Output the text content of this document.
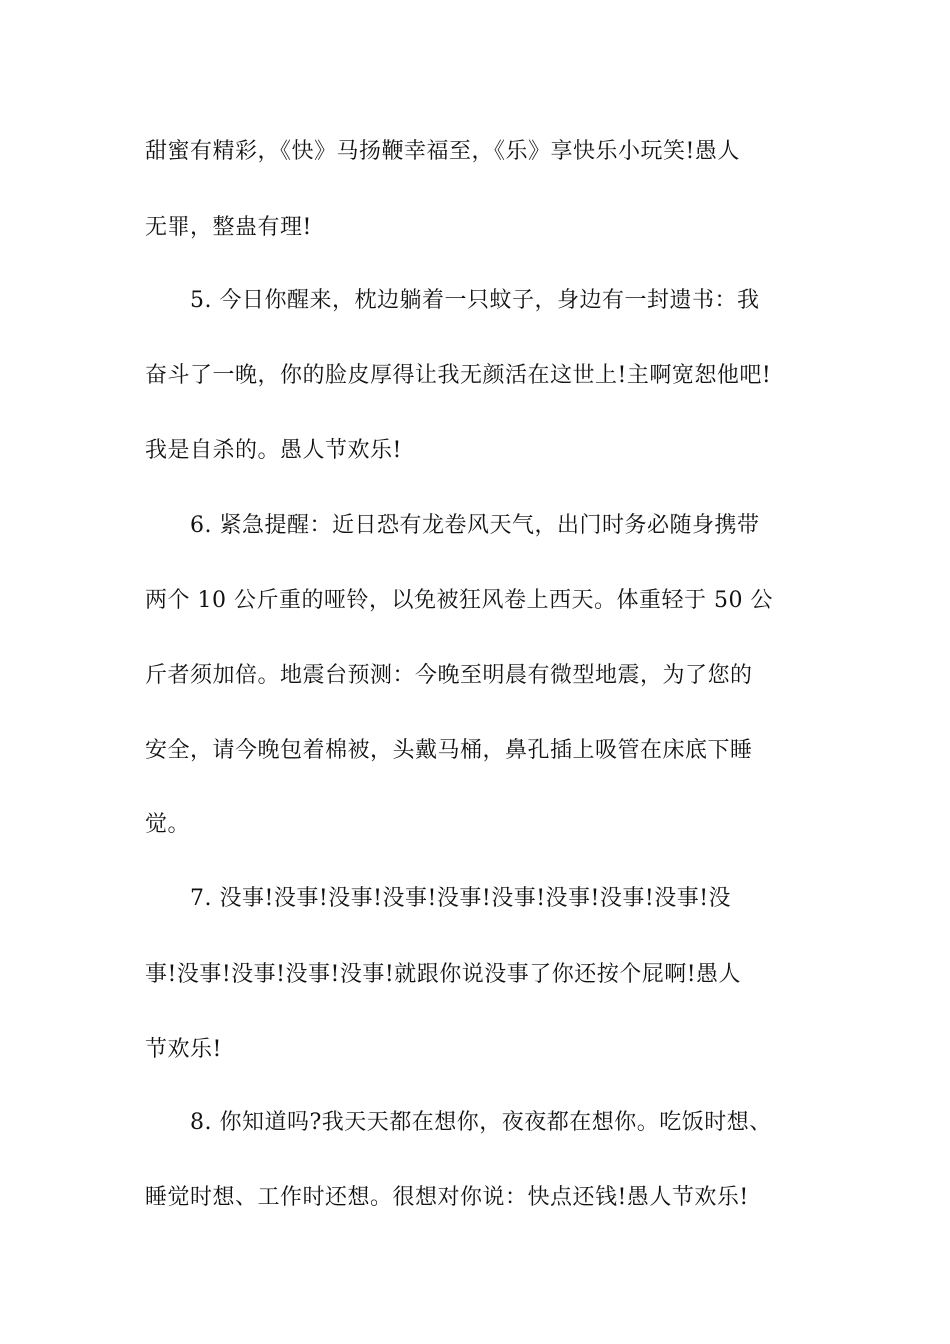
甜蜜有精彩，《快》马扬鞭幸福至，《乐》享快乐小玩笑!愚人
无罪，整蛊有理!
5. 今日你醒来，枕边躺着一只蚊子，身边有一封遗书：我
奋斗了一晚，你的脸皮厚得让我无颜活在这世上!主啊宽恕他吧!
我是自杀的。愚人节欢乐!
6. 紧急提醒：近日恐有龙卷风天气，出门时务必随身携带
两个 10 公斤重的哑铃，以免被狂风卷上西天。体重轻于 50 公
斤者须加倍。地震台预测：今晚至明晨有微型地震，为了您的
安全，请今晚包着棉被，头戴马桶，鼻孔插上吸管在床底下睡
觉。
7. 没事!没事!没事!没事!没事!没事!没事!没事!没事!没
事!没事!没事!没事!没事!就跟你说没事了你还按个屁啊!愚人
节欢乐!
8. 你知道吗?我天天都在想你，夜夜都在想你。吃饭时想、
睡觉时想、工作时还想。很想对你说：快点还钱!愚人节欢乐!
